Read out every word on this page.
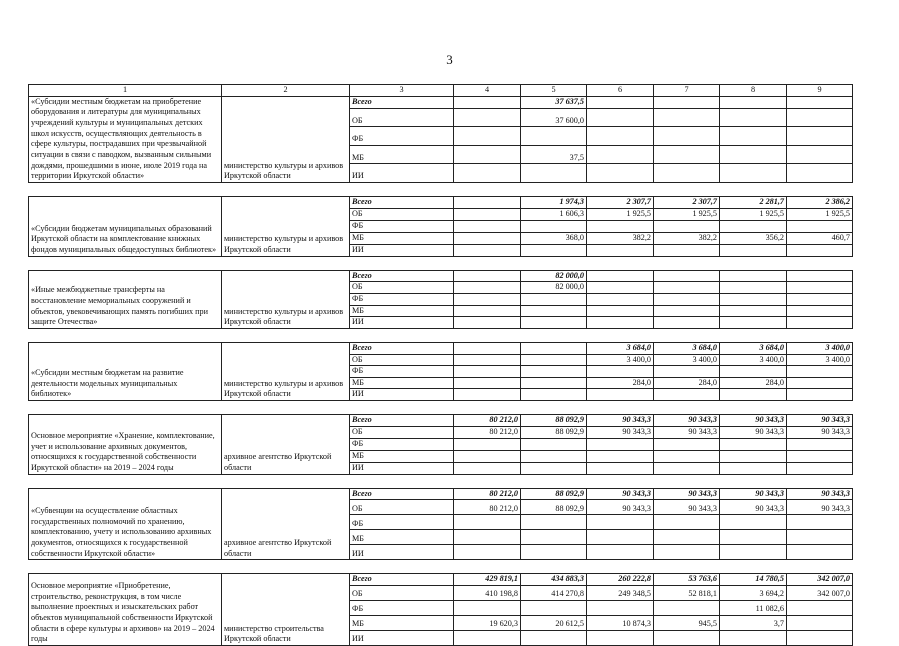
3
1	2	3	4	5	6	7	8	9
«Субсидии местным бюджетам на приобретение оборудования и литературы для муниципальных учреждений культуры и муниципальных детских школ искусств, осуществляющих деятельность в сфере культуры, пострадавших при чрезвычайной ситуации в связи с паводком, вызванным сильными дождями, прошедшими в июне, июле 2019 года на территории Иркутской области»	министерство культуры и архивов Иркутской области	Всего		37 637,5				
		ОБ		37 600,0				
		ФБ						
		МБ		37,5				
		ИИ						

«Субсидии бюджетам муниципальных образований Иркутской области на комплектование книжных фондов муниципальных общедоступных библиотек»	министерство культуры и архивов Иркутской области	Всего		1 974,3	2 307,7	2 307,7	2 281,7	2 386,2
		ОБ		1 606,3	1 925,5	1 925,5	1 925,5	1 925,5
		ФБ						
		МБ		368,0	382,2	382,2	356,2	460,7
		ИИ						

«Иные межбюджетные трансферты на восстановление мемориальных сооружений и объектов, увековечивающих память погибших при защите Отечества»	министерство культуры и архивов Иркутской области	Всего		82 000,0				
		ОБ		82 000,0				
		ФБ						
		МБ						
		ИИ						

«Субсидии местным бюджетам на развитие деятельности модельных муниципальных библиотек»	министерство культуры и архивов Иркутской области	Всего			3 684,0	3 684,0	3 684,0	3 400,0
		ОБ			3 400,0	3 400,0	3 400,0	3 400,0
		ФБ						
		МБ			284,0	284,0	284,0	
		ИИ						

Основное мероприятие «Хранение, комплектование, учет и использование архивных документов, относящихся к государственной собственности Иркутской области» на 2019 – 2024 годы	архивное агентство Иркутской области	Всего	80 212,0	88 092,9	90 343,3	90 343,3	90 343,3	90 343,3
		ОБ	80 212,0	88 092,9	90 343,3	90 343,3	90 343,3	90 343,3
		ФБ						
		МБ						
		ИИ						

«Субвенции на осуществление областных государственных полномочий по хранению, комплектованию, учету и использованию архивных документов, относящихся к государственной собственности Иркутской области»	архивное агентство Иркутской области	Всего	80 212,0	88 092,9	90 343,3	90 343,3	90 343,3	90 343,3
		ОБ	80 212,0	88 092,9	90 343,3	90 343,3	90 343,3	90 343,3
		ФБ						
		МБ						
		ИИ						

Основное мероприятие «Приобретение, строительство, реконструкция, в том числе выполнение проектных и изыскательских работ объектов муниципальной собственности Иркутской области в сфере культуры и архивов» на 2019 – 2024 годы	министерство строительства Иркутской области	Всего	429 819,1	434 883,3	260 222,8	53 763,6	14 780,5	342 007,0
		ОБ	410 198,8	414 270,8	249 348,5	52 818,1	3 694,2	342 007,0
		ФБ					11 082,6	
		МБ	19 620,3	20 612,5	10 874,3	945,5	3,7	
		ИИ						
